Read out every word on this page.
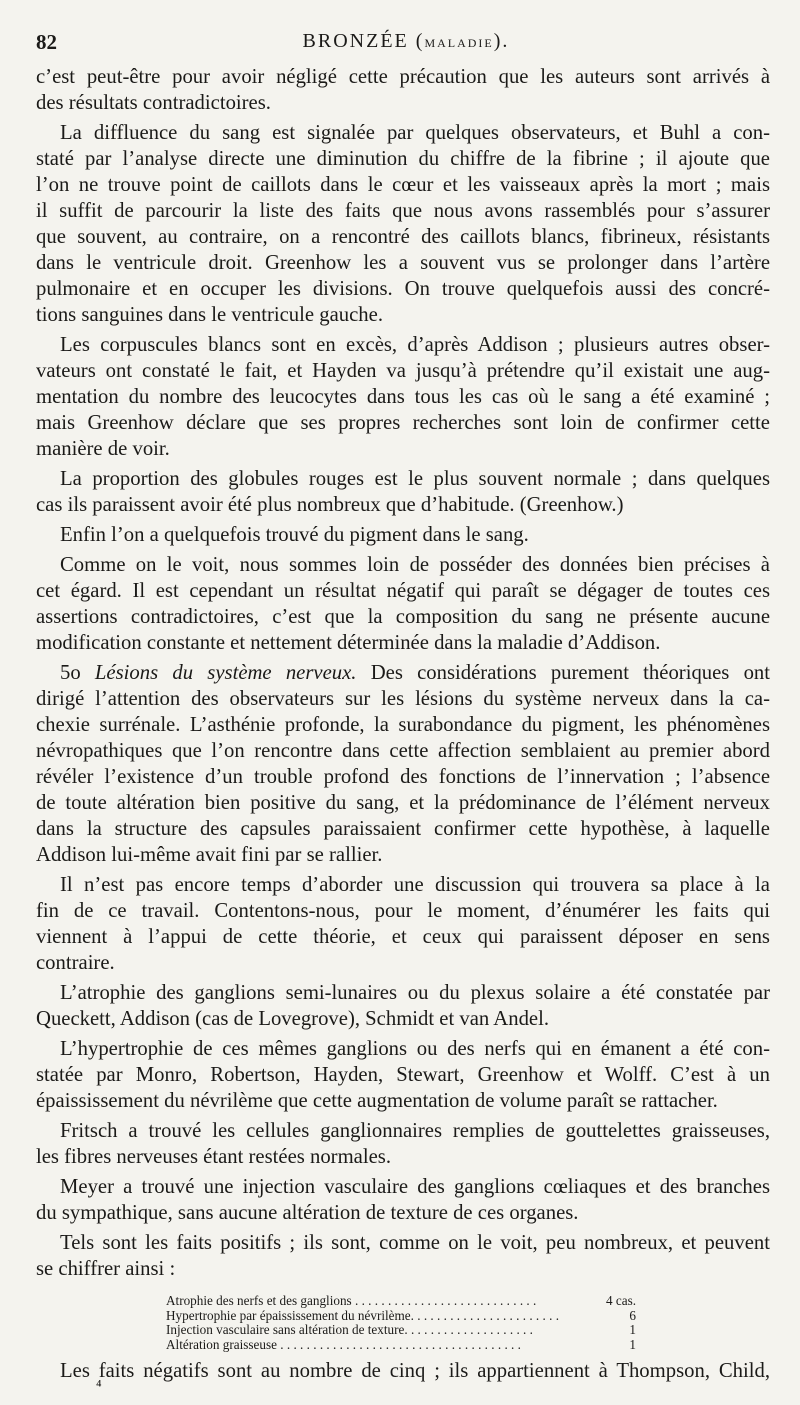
82	BRONZÉE (MALADIE).
c’est peut-être pour avoir négligé cette précaution que les auteurs sont arrivés à
des résultats contradictoires.
La diffluence du sang est signalée par quelques observateurs, et Buhl a con-
staté par l’analyse directe une diminution du chiffre de la fibrine ; il ajoute que
l’on ne trouve point de caillots dans le cœur et les vaisseaux après la mort ; mais
il suffit de parcourir la liste des faits que nous avons rassemblés pour s’assurer
que souvent, au contraire, on a rencontré des caillots blancs, fibrineux, résistants
dans le ventricule droit. Greenhow les a souvent vus se prolonger dans l’artère
pulmonaire et en occuper les divisions. On trouve quelquefois aussi des concré-
tions sanguines dans le ventricule gauche.
Les corpuscules blancs sont en excès, d’après Addison ; plusieurs autres obser-
vateurs ont constaté le fait, et Hayden va jusqu’à prétendre qu’il existait une aug-
mentation du nombre des leucocytes dans tous les cas où le sang a été examiné ;
mais Greenhow déclare que ses propres recherches sont loin de confirmer cette
manière de voir.
La proportion des globules rouges est le plus souvent normale ; dans quelques
cas ils paraissent avoir été plus nombreux que d’habitude. (Greenhow.)
Enfin l’on a quelquefois trouvé du pigment dans le sang.
Comme on le voit, nous sommes loin de posséder des données bien précises à
cet égard. Il est cependant un résultat négatif qui paraît se dégager de toutes ces
assertions contradictoires, c’est que la composition du sang ne présente aucune
modification constante et nettement déterminée dans la maladie d’Addison.
5o Lésions du système nerveux. Des considérations purement théoriques ont
dirigé l’attention des observateurs sur les lésions du système nerveux dans la ca-
chexie surrénale. L’asthénie profonde, la surabondance du pigment, les phénomènes
névropathiques que l’on rencontre dans cette affection semblaient au premier abord
révéler l’existence d’un trouble profond des fonctions de l’innervation ; l’absence
de toute altération bien positive du sang, et la prédominance de l’élément nerveux
dans la structure des capsules paraissaient confirmer cette hypothèse, à laquelle
Addison lui-même avait fini par se rallier.
Il n’est pas encore temps d’aborder une discussion qui trouvera sa place à la
fin de ce travail. Contentons-nous, pour le moment, d’énumérer les faits qui
viennent à l’appui de cette théorie, et ceux qui paraissent déposer en sens
contraire.
L’atrophie des ganglions semi-lunaires ou du plexus solaire a été constatée par
Queckett, Addison (cas de Lovegrove), Schmidt et van Andel.
L’hypertrophie de ces mêmes ganglions ou des nerfs qui en émanent a été con-
statée par Monro, Robertson, Hayden, Stewart, Greenhow et Wolff. C’est à un
épaississement du névrilème que cette augmentation de volume paraît se rattacher.
Fritsch a trouvé les cellules ganglionnaires remplies de gouttelettes graisseuses,
les fibres nerveuses étant restées normales.
Meyer a trouvé une injection vasculaire des ganglions cœliaques et des branches
du sympathique, sans aucune altération de texture de ces organes.
Tels sont les faits positifs ; ils sont, comme on le voit, peu nombreux, et peuvent
se chiffrer ainsi :
Atrophie des nerfs et des ganglions . . . . . . . . . . . . . . . . . . . . . . . . . . . .	4 cas.
Hypertrophie par épaississement du névrilème. . . . . . . . . . . . . . . . . . . . . . .	6
Injection vasculaire sans altération de texture. . . . . . . . . . . . . . . . . . . .	1
Altération graisseuse . . . . . . . . . . . . . . . . . . . . . . . . . . . . . . . . . . . . .	1
Les faits négatifs sont au nombre de cinq ; ils appartiennent à Thompson, Child,
⁴
